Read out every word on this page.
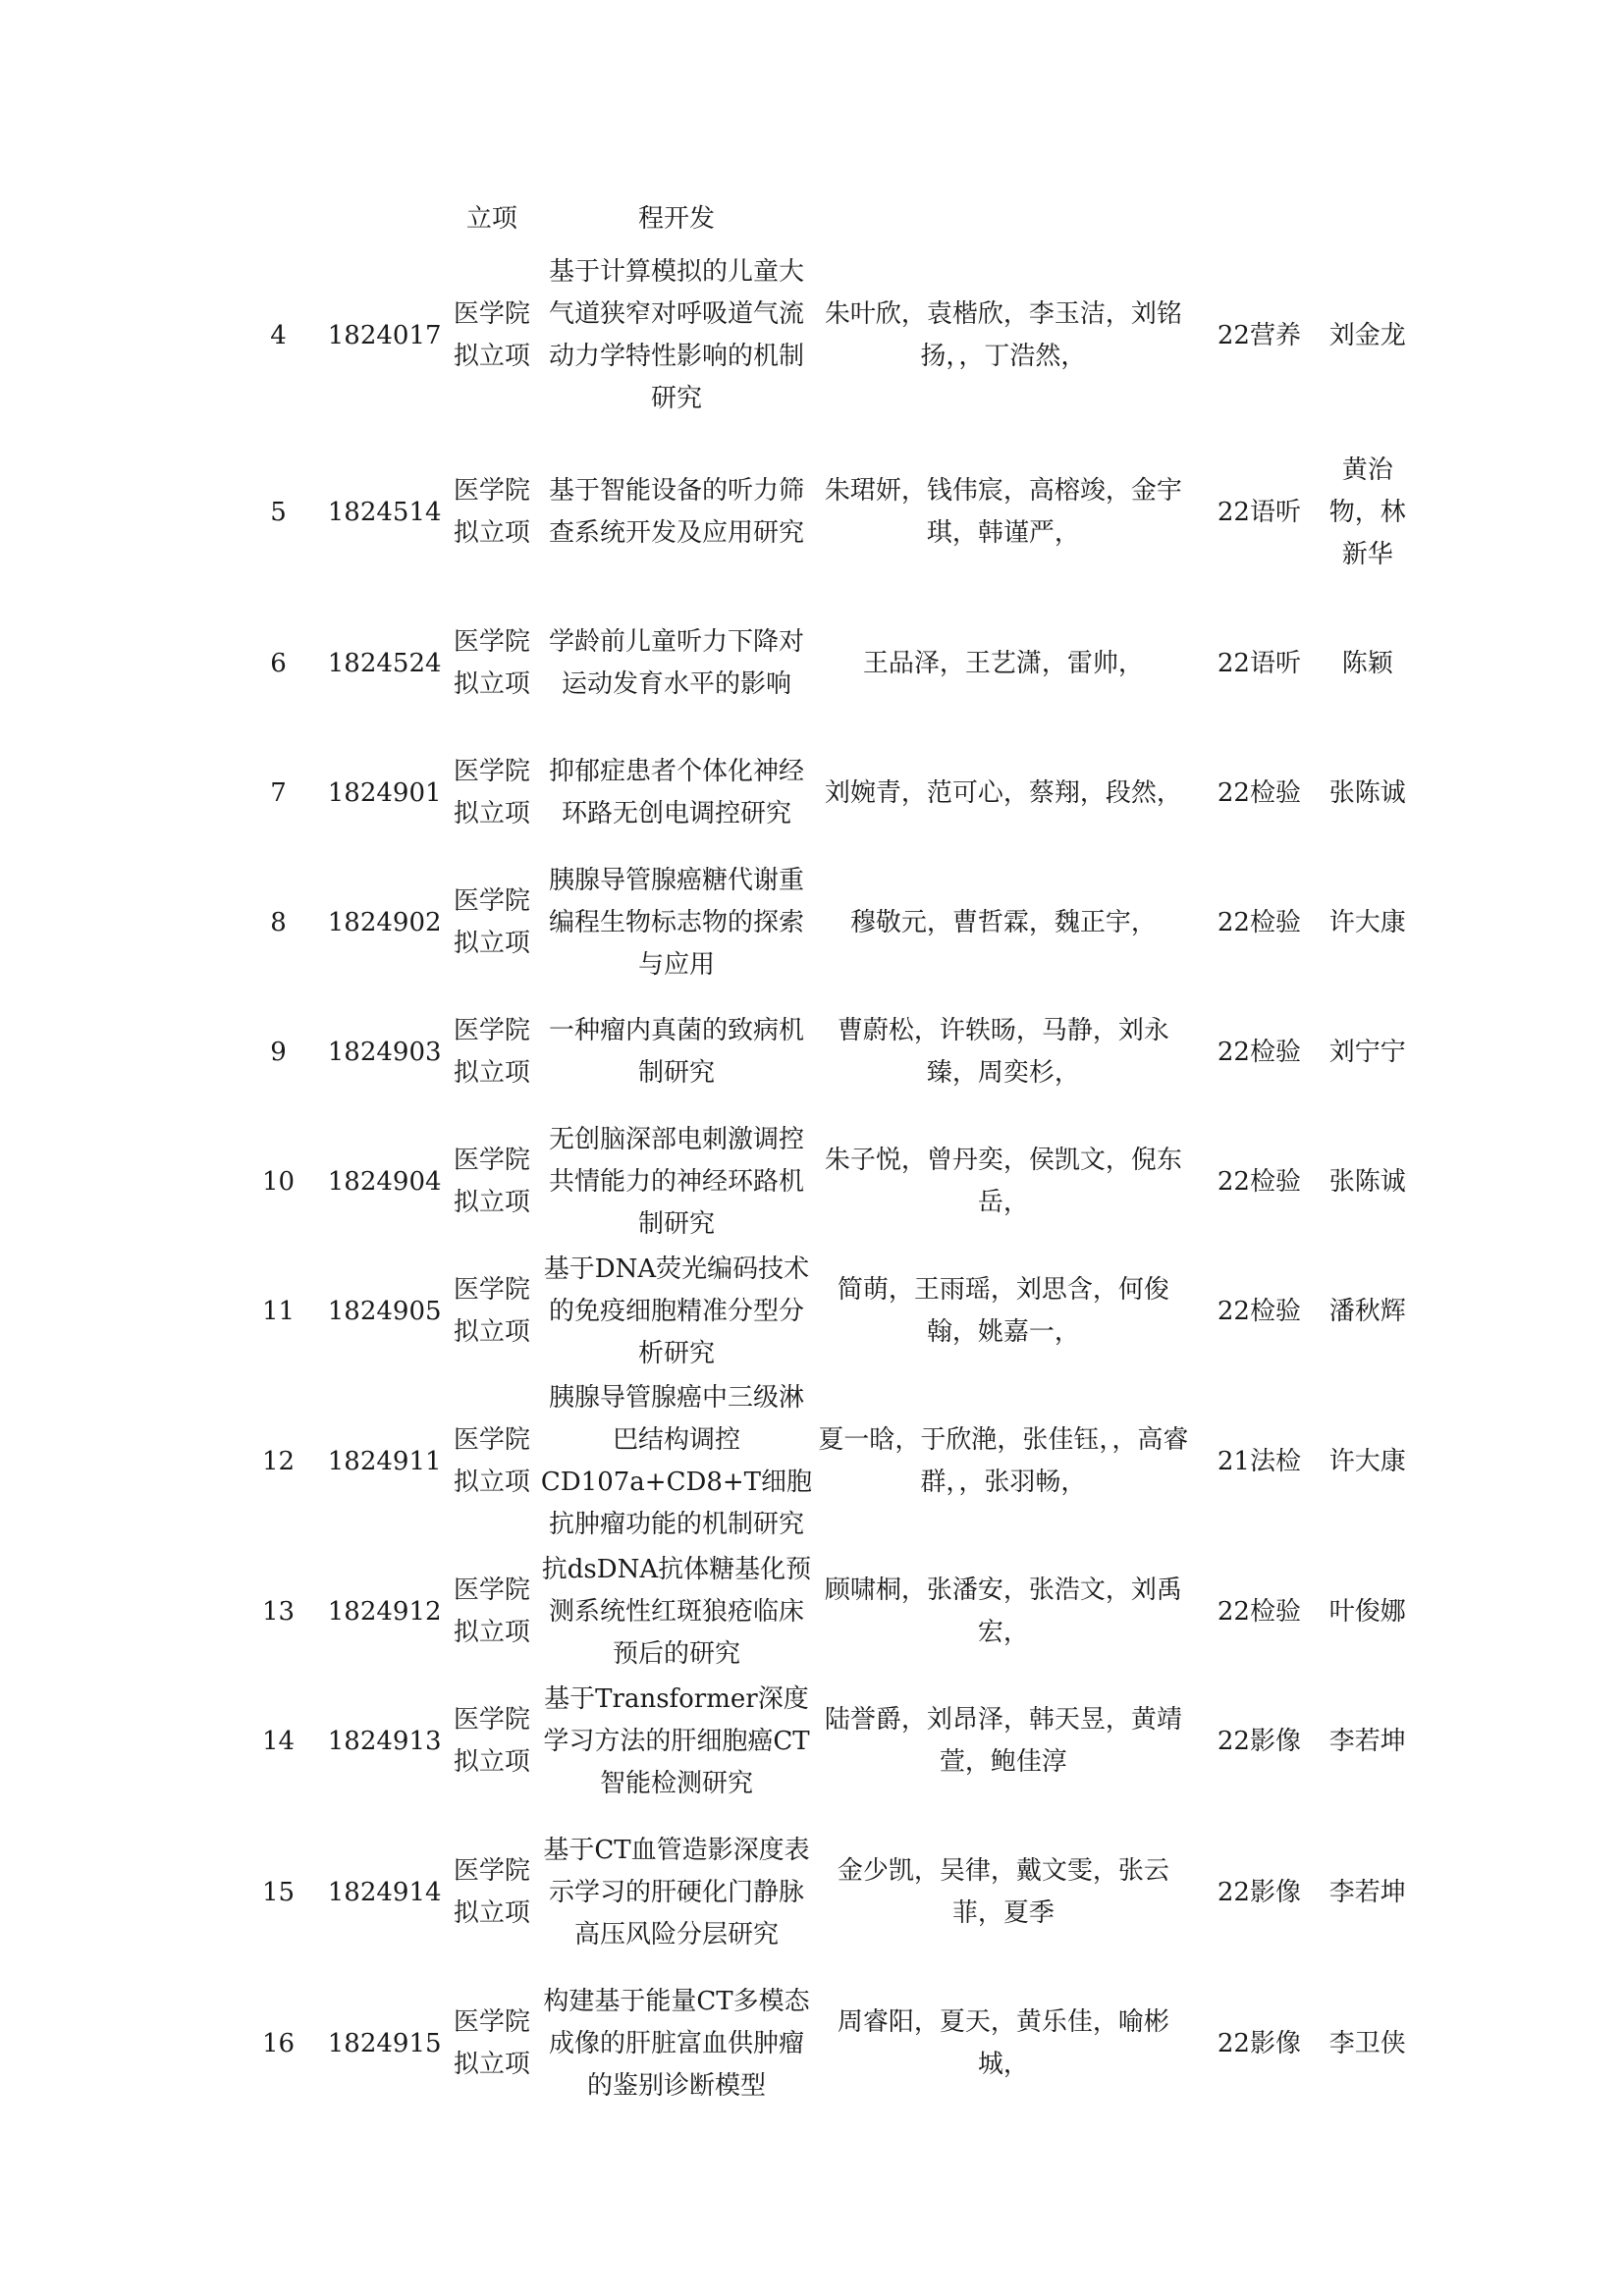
		立项	程开发			

4	1824017	医学院拟立项	基于计算模拟的儿童大气道狭窄对呼吸道气流动力学特性影响的机制研究	朱叶欣，袁楷欣，李玉洁，刘铭扬，，丁浩然，	22营养	刘金龙

5	1824514	医学院拟立项	基于智能设备的听力筛查系统开发及应用研究	朱珺妍，钱伟宸，高榕竣，金宇琪，韩谨严，	22语听	黄治物，林新华

6	1824524	医学院拟立项	学龄前儿童听力下降对运动发育水平的影响	王品泽，王艺潇，雷帅，	22语听	陈颖

7	1824901	医学院拟立项	抑郁症患者个体化神经环路无创电调控研究	刘婉青，范可心，蔡翔，段然，	22检验	张陈诚

8	1824902	医学院拟立项	胰腺导管腺癌糖代谢重编程生物标志物的探索与应用	穆敬元，曹哲霖，魏正宇，	22检验	许大康

9	1824903	医学院拟立项	一种瘤内真菌的致病机制研究	曹蔚松，许轶旸，马静，刘永臻，周奕杉，	22检验	刘宁宁

10	1824904	医学院拟立项	无创脑深部电刺激调控共情能力的神经环路机制研究	朱子悦，曾丹奕，侯凯文，倪东岳，	22检验	张陈诚

11	1824905	医学院拟立项	基于DNA荧光编码技术的免疫细胞精准分型分析研究	简萌，王雨瑶，刘思含，何俊翰，姚嘉一，	22检验	潘秋辉

12	1824911	医学院拟立项	胰腺导管腺癌中三级淋巴结构调控CD107a+CD8+T细胞抗肿瘤功能的机制研究	夏一晗，于欣滟，张佳钰，，高睿群，，张羽畅，	21法检	许大康

13	1824912	医学院拟立项	抗dsDNA抗体糖基化预测系统性红斑狼疮临床预后的研究	顾啸桐，张潘安，张浩文，刘禹宏，	22检验	叶俊娜

14	1824913	医学院拟立项	基于Transformer深度学习方法的肝细胞癌CT智能检测研究	陆誉爵，刘昂泽，韩天昱，黄靖萱，鲍佳淳	22影像	李若坤

15	1824914	医学院拟立项	基于CT血管造影深度表示学习的肝硬化门静脉高压风险分层研究	金少凯，吴律，戴文雯，张云菲，夏季	22影像	李若坤

16	1824915	医学院拟立项	构建基于能量CT多模态成像的肝脏富血供肿瘤的鉴别诊断模型	周睿阳，夏天，黄乐佳，喻彬城，	22影像	李卫侠
